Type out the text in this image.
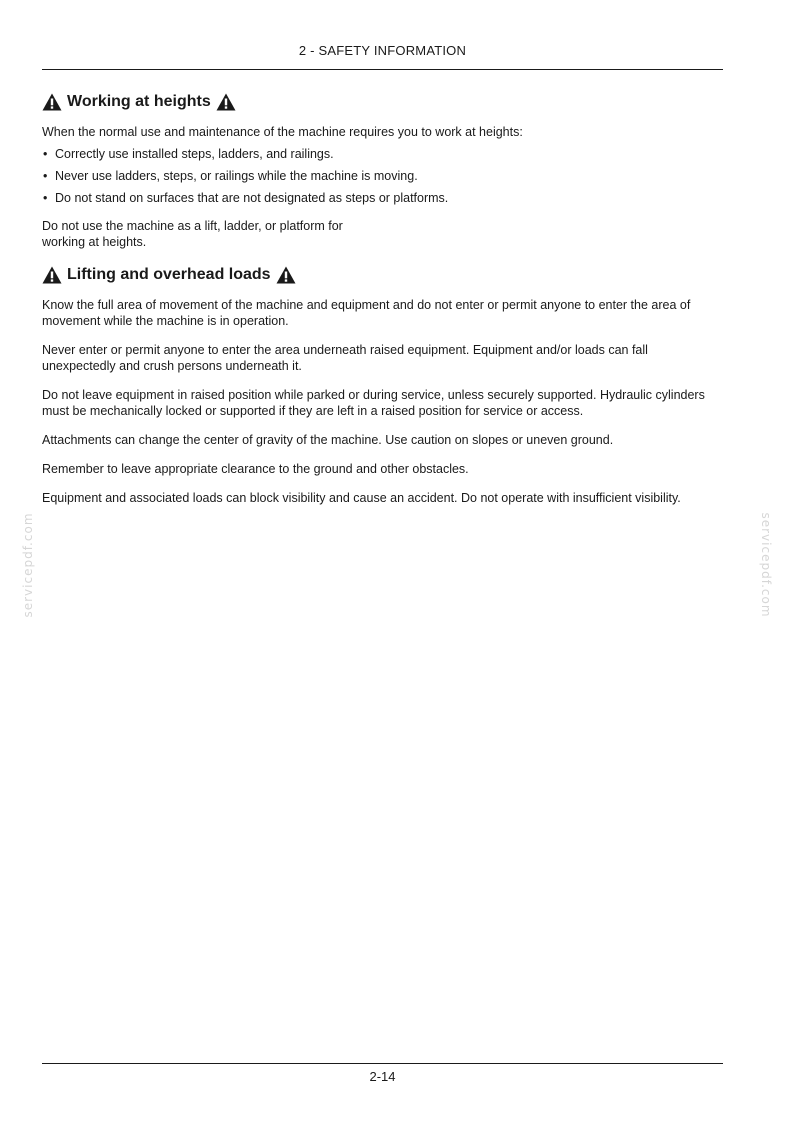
2 - SAFETY INFORMATION
Working at heights

When the normal use and maintenance of the machine requires you to work at heights:

• Correctly use installed steps, ladders, and railings.
• Never use ladders, steps, or railings while the machine is moving.
• Do not stand on surfaces that are not designated as steps or platforms.

Do not use the machine as a lift, ladder, or platform for working at heights.

Lifting and overhead loads

Know the full area of movement of the machine and equipment and do not enter or permit anyone to enter the area of movement while the machine is in operation.

Never enter or permit anyone to enter the area underneath raised equipment. Equipment and/or loads can fall unexpectedly and crush persons underneath it.

Do not leave equipment in raised position while parked or during service, unless securely supported. Hydraulic cylinders must be mechanically locked or supported if they are left in a raised position for service or access.

Attachments can change the center of gravity of the machine. Use caution on slopes or uneven ground.

Remember to leave appropriate clearance to the ground and other obstacles.

Equipment and associated loads can block visibility and cause an accident. Do not operate with insufficient visibility.

servicepdf.com	servicepdf.com
2-14
